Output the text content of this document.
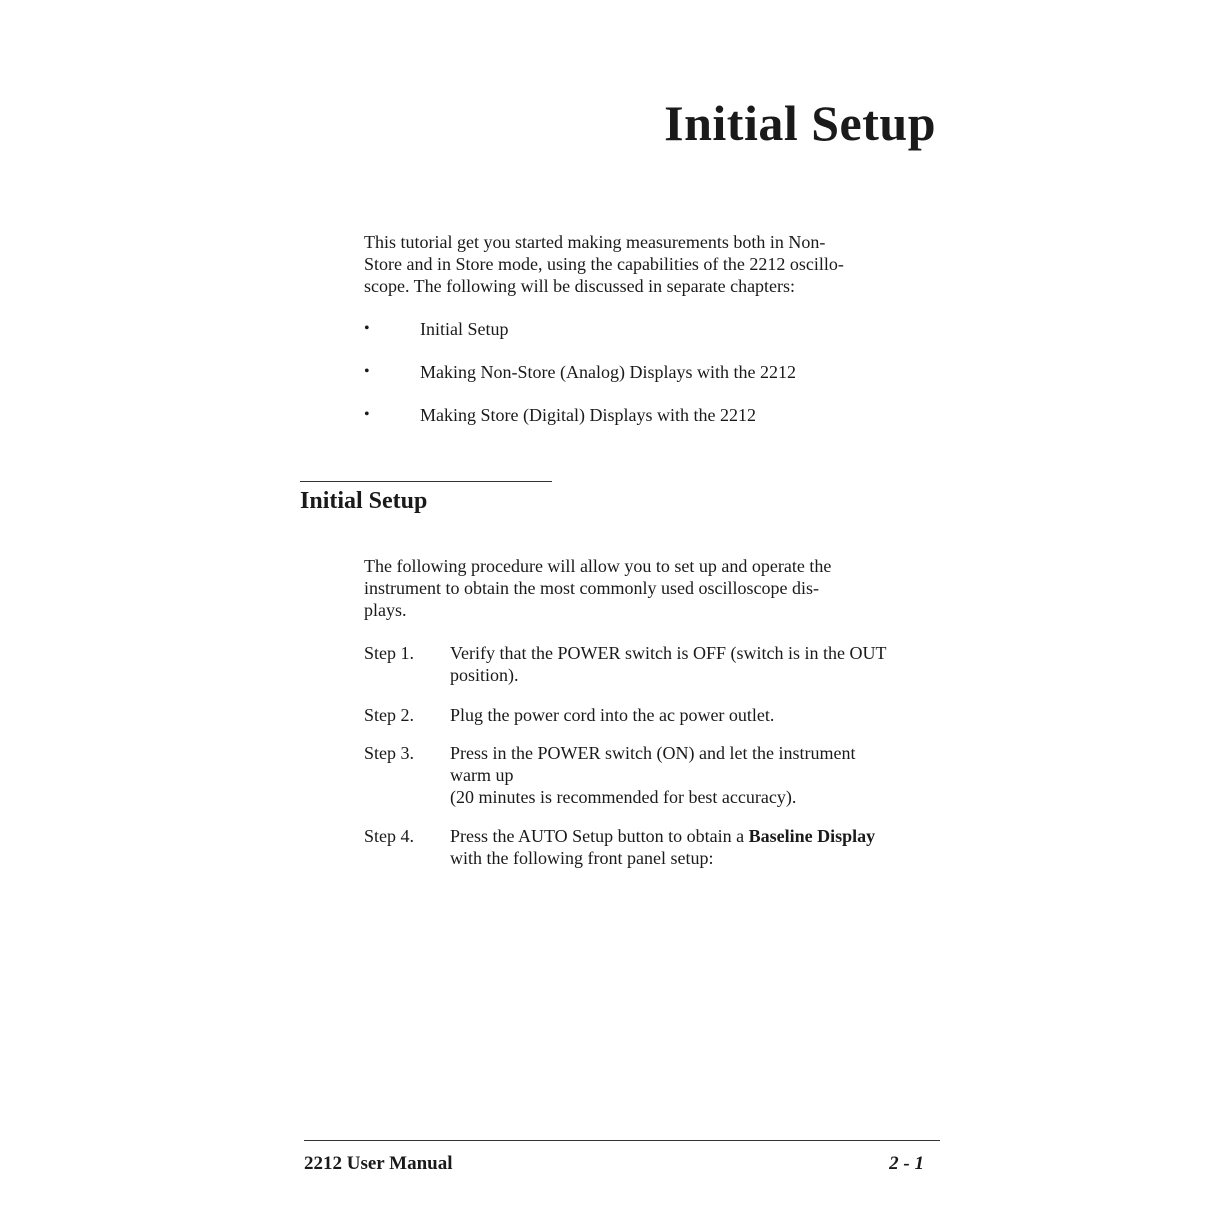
Initial Setup

This tutorial get you started making measurements both in Non-
Store and in Store mode, using the capabilities of the 2212 oscillo-
scope. The following will be discussed in separate chapters:

•	Initial Setup
•	Making Non-Store (Analog) Displays with the 2212
•	Making Store (Digital) Displays with the 2212
Initial Setup

The following procedure will allow you to set up and operate the
instrument to obtain the most commonly used oscilloscope dis-
plays.

Step 1.	Verify that the POWER switch is OFF (switch is in the OUT
position).
Step 2.	Plug the power cord into the ac power outlet.
Step 3.	Press in the POWER switch (ON) and let the instrument
warm up
(20 minutes is recommended for best accuracy).
Step 4.	Press the AUTO Setup button to obtain a Baseline Display
with the following front panel setup:

2212 User Manual	2 - 1
